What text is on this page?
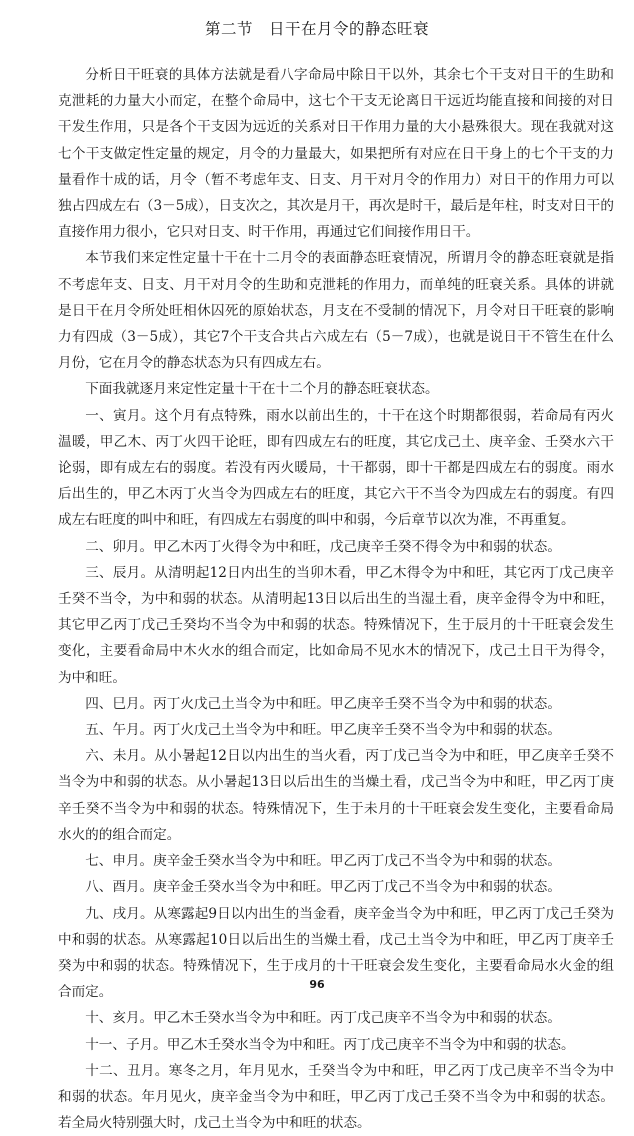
第二节　日干在月令的静态旺衰

分析日干旺衰的具体方法就是看八字命局中除日干以外，其余七个干支对日干的生助和克泄耗的力量大小而定，在整个命局中，这七个干支无论离日干远近均能直接和间接的对日干发生作用，只是各个干支因为远近的关系对日干作用力量的大小悬殊很大。现在我就对这七个干支做定性定量的规定，月令的力量最大，如果把所有对应在日干身上的七个干支的力量看作十成的话，月令（暂不考虑年支、日支、月干对月令的作用力）对日干的作用力可以独占四成左右（3－5成），日支次之，其次是月干，再次是时干，最后是年柱，时支对日干的直接作用力很小，它只对日支、时干作用，再通过它们间接作用日干。

本节我们来定性定量十干在十二月令的表面静态旺衰情况，所谓月令的静态旺衰就是指不考虑年支、日支、月干对月令的生助和克泄耗的作用力，而单纯的旺衰关系。具体的讲就是日干在月令所处旺相休囚死的原始状态，月支在不受制的情况下，月令对日干旺衰的影响力有四成（3－5成），其它7个干支合共占六成左右（5－7成），也就是说日干不管生在什么月份，它在月令的静态状态为只有四成左右。

下面我就逐月来定性定量十干在十二个月的静态旺衰状态。

一、寅月。这个月有点特殊，雨水以前出生的，十干在这个时期都很弱，若命局有丙火温暖，甲乙木、丙丁火四干论旺，即有四成左右的旺度，其它戊己土、庚辛金、壬癸水六干论弱，即有成左右的弱度。若没有丙火暖局，十干都弱，即十干都是四成左右的弱度。雨水后出生的，甲乙木丙丁火当令为四成左右的旺度，其它六干不当令为四成左右的弱度。有四成左右旺度的叫中和旺，有四成左右弱度的叫中和弱，今后章节以次为准，不再重复。

二、卯月。甲乙木丙丁火得令为中和旺，戊己庚辛壬癸不得令为中和弱的状态。

三、辰月。从清明起12日内出生的当卯木看，甲乙木得令为中和旺，其它丙丁戊己庚辛壬癸不当令，为中和弱的状态。从清明起13日以后出生的当湿土看，庚辛金得令为中和旺，其它甲乙丙丁戊己壬癸均不当令为中和弱的状态。特殊情况下，生于辰月的十干旺衰会发生变化，主要看命局中木火水的组合而定，比如命局不见水木的情况下，戊己土日干为得令，为中和旺。

四、巳月。丙丁火戊己土当令为中和旺。甲乙庚辛壬癸不当令为中和弱的状态。

五、午月。丙丁火戊己土当令为中和旺。甲乙庚辛壬癸不当令为中和弱的状态。

六、未月。从小暑起12日以内出生的当火看，丙丁戊己当令为中和旺，甲乙庚辛壬癸不当令为中和弱的状态。从小暑起13日以后出生的当燥土看，戊己当令为中和旺，甲乙丙丁庚辛壬癸不当令为中和弱的状态。特殊情况下，生于未月的十干旺衰会发生变化，主要看命局水火的的组合而定。

七、申月。庚辛金壬癸水当令为中和旺。甲乙丙丁戊己不当令为中和弱的状态。

八、酉月。庚辛金壬癸水当令为中和旺。甲乙丙丁戊己不当令为中和弱的状态。

九、戌月。从寒露起9日以内出生的当金看，庚辛金当令为中和旺，甲乙丙丁戊己壬癸为中和弱的状态。从寒露起10日以后出生的当燥土看，戊己土当令为中和旺，甲乙丙丁庚辛壬癸为中和弱的状态。特殊情况下，生于戌月的十干旺衰会发生变化，主要看命局水火金的组合而定。

十、亥月。甲乙木壬癸水当令为中和旺。丙丁戊己庚辛不当令为中和弱的状态。

十一、子月。甲乙木壬癸水当令为中和旺。丙丁戊己庚辛不当令为中和弱的状态。

十二、丑月。寒冬之月，年月见水，壬癸当令为中和旺，甲乙丙丁戊己庚辛不当令为中和弱的状态。年月见火，庚辛金当令为中和旺，甲乙丙丁戊己壬癸不当令为中和弱的状态。若全局火特别强大时，戊己土当令为中和旺的状态。

96
